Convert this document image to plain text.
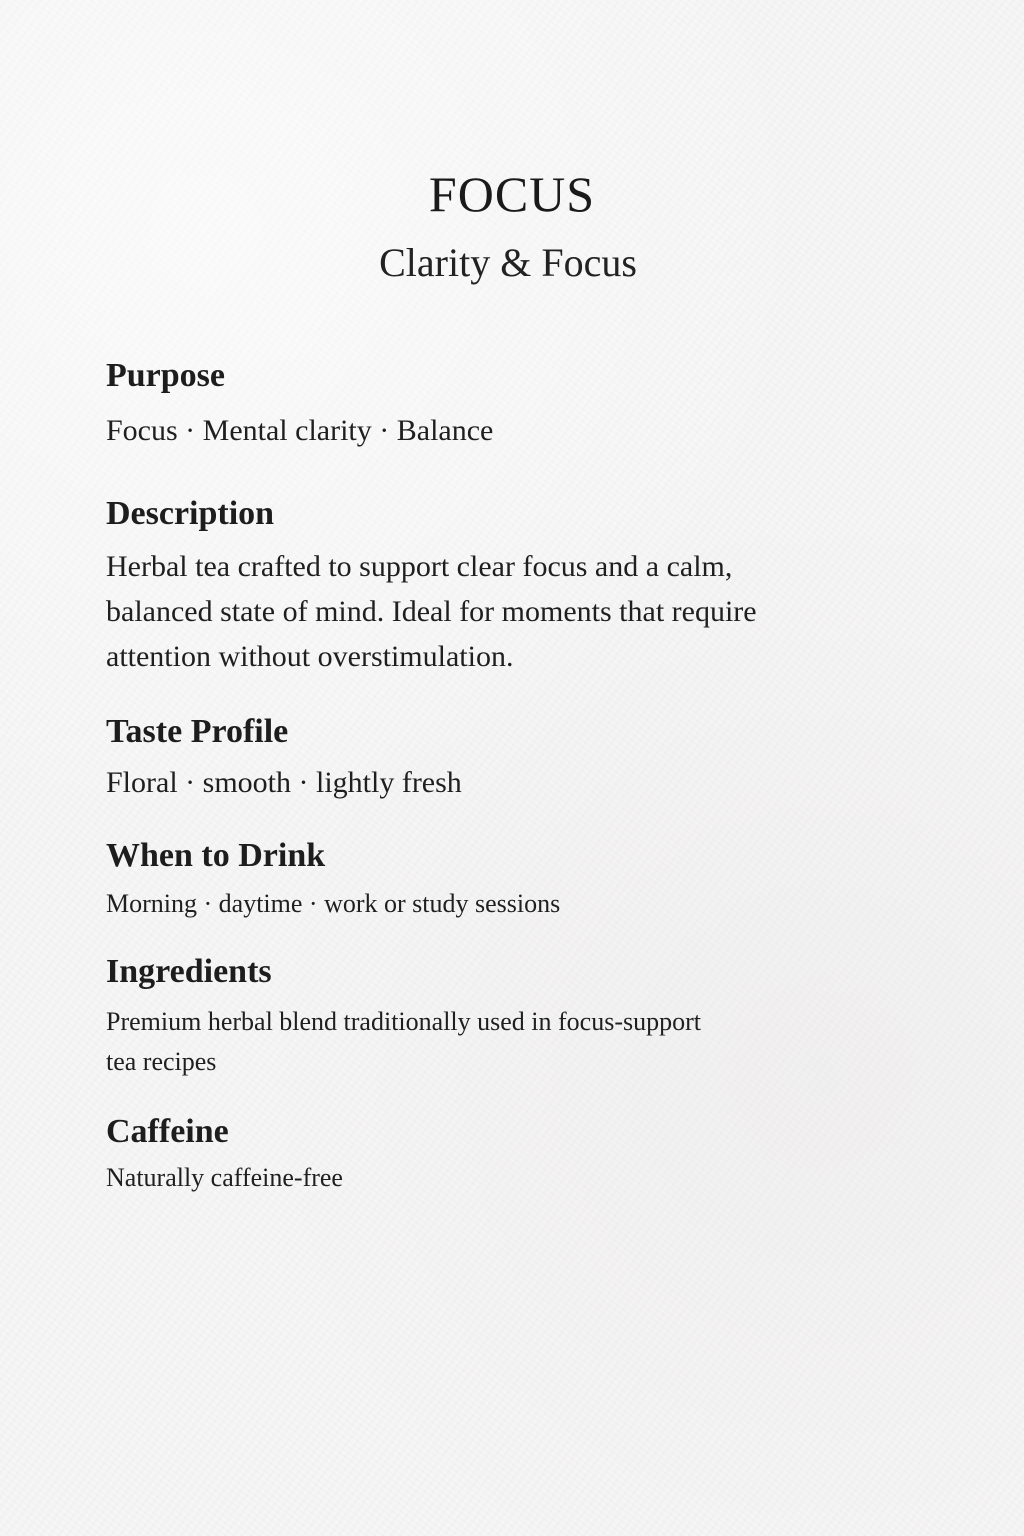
FOCUS
Clarity & Focus
Purpose
Focus · Mental clarity · Balance
Description
Herbal tea crafted to support clear focus and a calm,
balanced state of mind. Ideal for moments that require
attention without overstimulation.
Taste Profile
Floral · smooth · lightly fresh
When to Drink
Morning · daytime · work or study sessions
Ingredients
Premium herbal blend traditionally used in focus-support
tea recipes
Caffeine
Naturally caffeine-free
